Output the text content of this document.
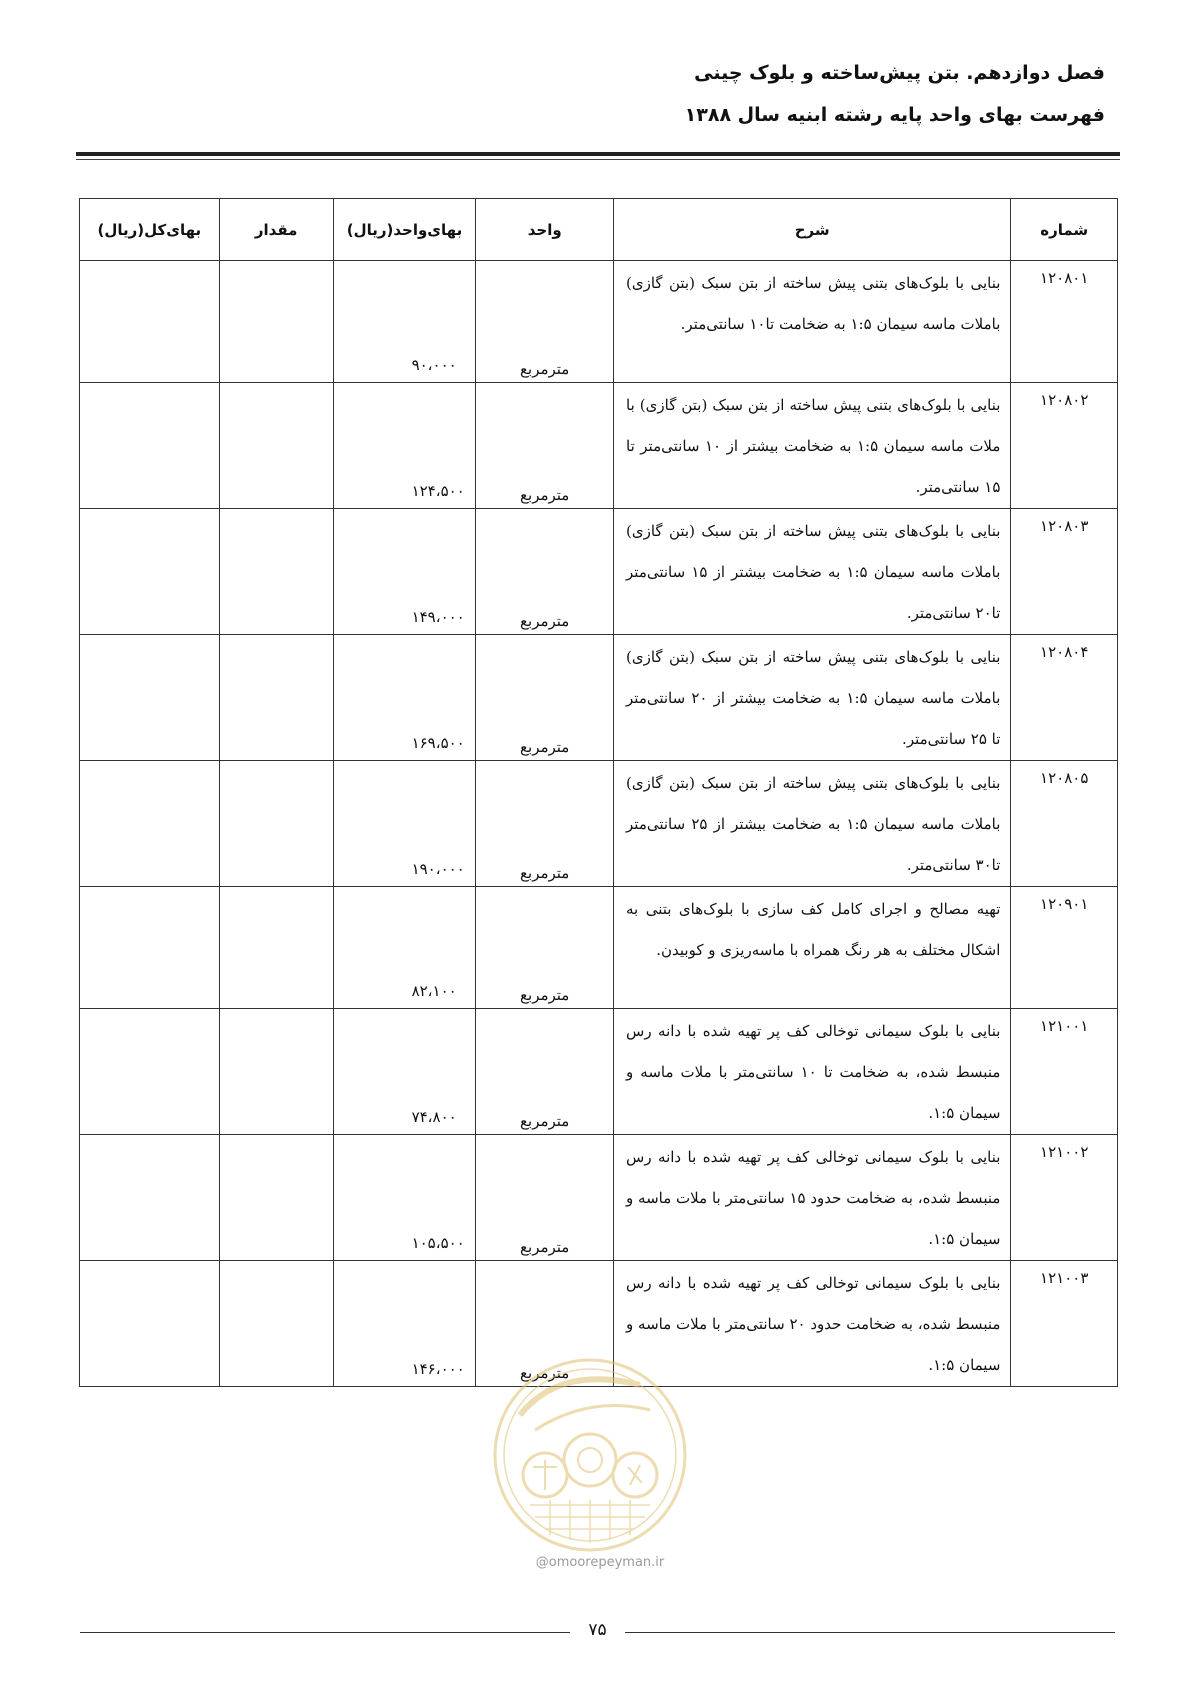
فصل دوازدهم. بتن پیش‌ساخته و بلوک چینی
فهرست بهای واحد پایه رشته ابنیه سال ۱۳۸۸
شماره	شرح	واحد	بهای‌واحد(ریال)	مقدار	بهای‌کل(ریال)
۱۲۰۸۰۱	بنایی با بلوک‌های بتنی پیش ساخته از بتن سبک (بتن گازی) باملات ماسه سیمان ۱:۵ به ضخامت تا۱۰ سانتی‌متر.	مترمربع	۹۰،۰۰۰		
۱۲۰۸۰۲	بنایی با بلوک‌های بتنی پیش ساخته از بتن سبک (بتن گازی) با ملات ماسه سیمان ۱:۵ به ضخامت بیشتر از ۱۰ سانتی‌متر تا ۱۵ سانتی‌متر.	مترمربع	۱۲۴،۵۰۰		
۱۲۰۸۰۳	بنایی با بلوک‌های بتنی پیش ساخته از بتن سبک (بتن گازی) باملات ماسه سیمان ۱:۵ به ضخامت بیشتر از ۱۵ سانتی‌متر تا۲۰ سانتی‌متر.	مترمربع	۱۴۹،۰۰۰		
۱۲۰۸۰۴	بنایی با بلوک‌های بتنی پیش ساخته از بتن سبک (بتن گازی) باملات ماسه سیمان ۱:۵ به ضخامت بیشتر از ۲۰ سانتی‌متر تا ۲۵ سانتی‌متر.	مترمربع	۱۶۹،۵۰۰		
۱۲۰۸۰۵	بنایی با بلوک‌های بتنی پیش ساخته از بتن سبک (بتن گازی) باملات ماسه سیمان ۱:۵ به ضخامت بیشتر از ۲۵ سانتی‌متر تا۳۰ سانتی‌متر.	مترمربع	۱۹۰،۰۰۰		
۱۲۰۹۰۱	تهیه مصالح و اجرای کامل کف سازی با بلوک‌های بتنی به اشکال مختلف به هر رنگ همراه با ماسه‌ریزی و کوبیدن.	مترمربع	۸۲،۱۰۰		
۱۲۱۰۰۱	بنایی با بلوک سیمانی توخالی کف پر تهیه شده با دانه رس منبسط شده، به ضخامت تا ۱۰ سانتی‌متر با ملات ماسه و سیمان ۱:۵.	مترمربع	۷۴،۸۰۰		
۱۲۱۰۰۲	بنایی با بلوک سیمانی توخالی کف پر تهیه شده با دانه رس منبسط شده، به ضخامت حدود ۱۵ سانتی‌متر با ملات ماسه و سیمان ۱:۵.	مترمربع	۱۰۵،۵۰۰		
۱۲۱۰۰۳	بنایی با بلوک سیمانی توخالی کف پر تهیه شده با دانه رس منبسط شده، به ضخامت حدود ۲۰ سانتی‌متر با ملات ماسه و سیمان ۱:۵.	مترمربع	۱۴۶،۰۰۰		
@omoorepeyman.ir
۷۵
